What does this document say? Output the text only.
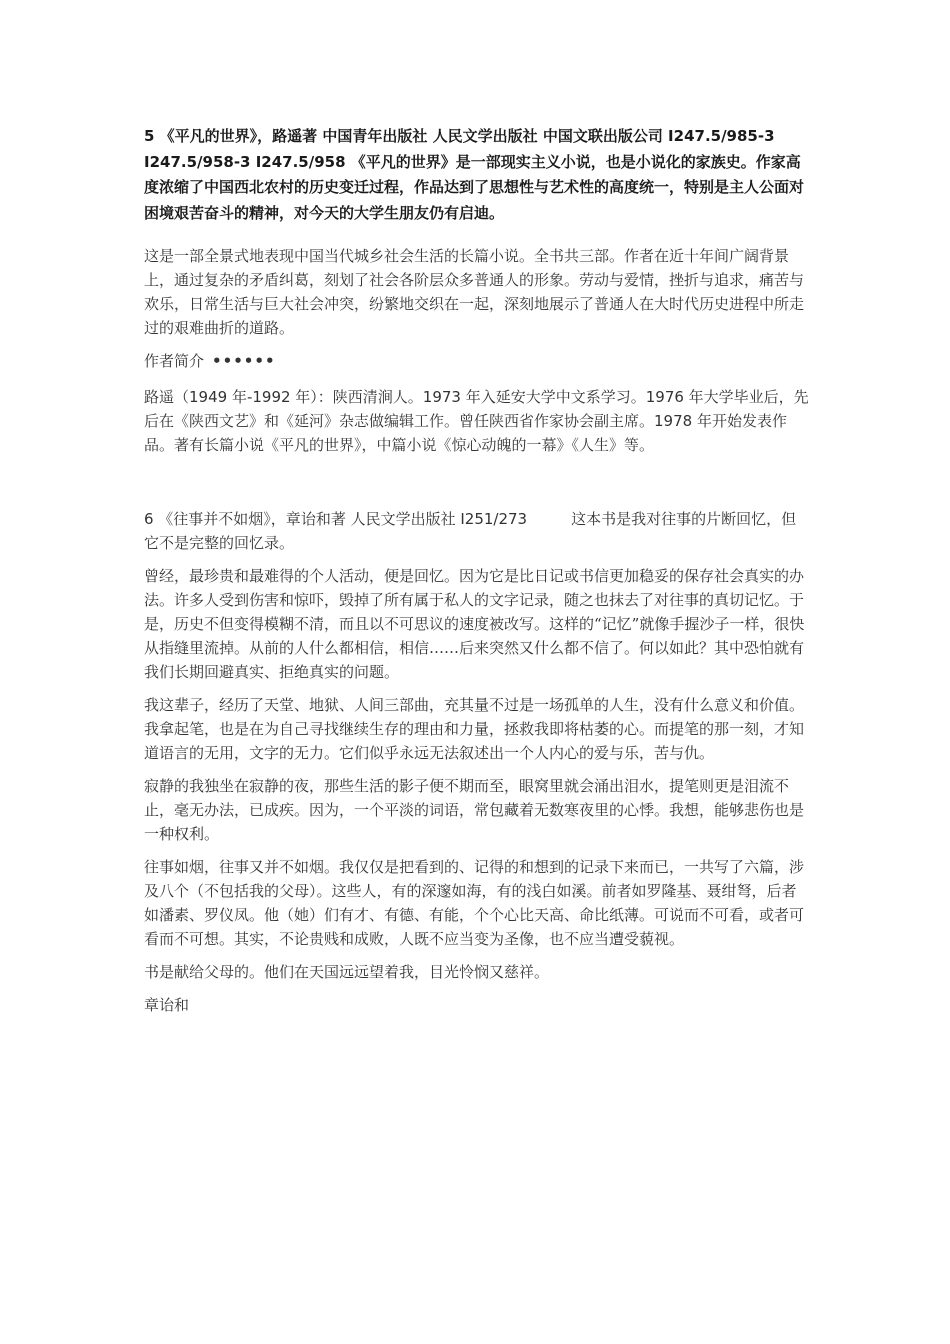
5 《平凡的世界》，路遥著 中国青年出版社 人民文学出版社 中国文联出版公司 I247.5/985-3 I247.5/958-3 I247.5/958 《平凡的世界》是一部现实主义小说，也是小说化的家族史。作家高度浓缩了中国西北农村的历史变迁过程，作品达到了思想性与艺术性的高度统一，特别是主人公面对困境艰苦奋斗的精神，对今天的大学生朋友仍有启迪。

这是一部全景式地表现中国当代城乡社会生活的长篇小说。全书共三部。作者在近十年间广阔背景上，通过复杂的矛盾纠葛，刻划了社会各阶层众多普通人的形象。劳动与爱情，挫折与追求，痛苦与欢乐，日常生活与巨大社会冲突，纷繁地交织在一起，深刻地展示了普通人在大时代历史进程中所走过的艰难曲折的道路。

作者简介 ••••••

路遥（1949 年-1992 年）：陕西清涧人。1973 年入延安大学中文系学习。1976 年大学毕业后，先后在《陕西文艺》和《延河》杂志做编辑工作。曾任陕西省作家协会副主席。1978 年开始发表作品。著有长篇小说《平凡的世界》，中篇小说《惊心动魄的一幕》《人生》等。

6 《往事并不如烟》，章诒和著 人民文学出版社 I251/273	这本书是我对往事的片断回忆，但它不是完整的回忆录。

曾经，最珍贵和最难得的个人活动，便是回忆。因为它是比日记或书信更加稳妥的保存社会真实的办法。许多人受到伤害和惊吓，毁掉了所有属于私人的文字记录，随之也抹去了对往事的真切记忆。于是，历史不但变得模糊不清，而且以不可思议的速度被改写。这样的“记忆”就像手握沙子一样，很快从指缝里流掉。从前的人什么都相信，相信……后来突然又什么都不信了。何以如此？其中恐怕就有我们长期回避真实、拒绝真实的问题。

我这辈子，经历了天堂、地狱、人间三部曲，充其量不过是一场孤单的人生，没有什么意义和价值。我拿起笔，也是在为自己寻找继续生存的理由和力量，拯救我即将枯萎的心。而提笔的那一刻，才知道语言的无用，文字的无力。它们似乎永远无法叙述出一个人内心的爱与乐，苦与仇。

寂静的我独坐在寂静的夜，那些生活的影子便不期而至，眼窝里就会涌出泪水，提笔则更是泪流不止，毫无办法，已成疾。因为，一个平淡的词语，常包藏着无数寒夜里的心悸。我想，能够悲伤也是一种权利。

往事如烟，往事又并不如烟。我仅仅是把看到的、记得的和想到的记录下来而已，一共写了六篇，涉及八个（不包括我的父母）。这些人，有的深邃如海，有的浅白如溪。前者如罗隆基、聂绀弩，后者如潘素、罗仪凤。他（她）们有才、有德、有能，个个心比天高、命比纸薄。可说而不可看，或者可看而不可想。其实，不论贵贱和成败，人既不应当变为圣像，也不应当遭受藐视。

书是献给父母的。他们在天国远远望着我，目光怜悯又慈祥。

章诒和
